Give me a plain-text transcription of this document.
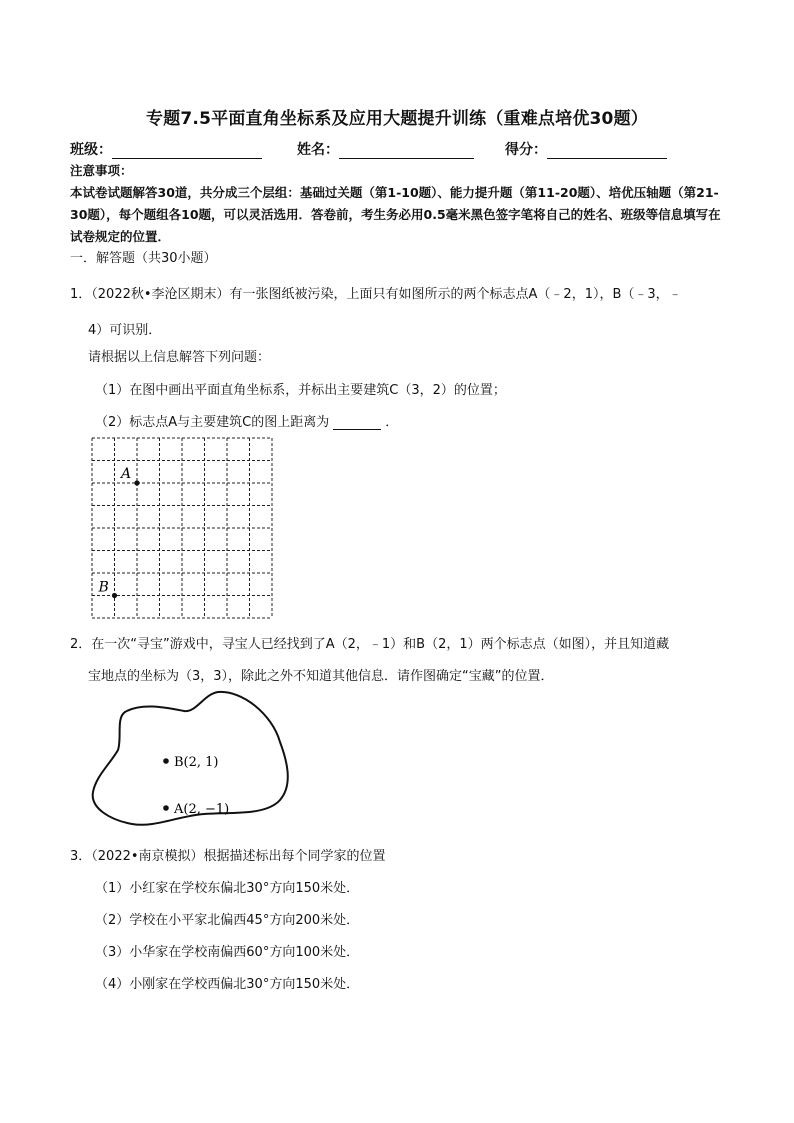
专题7.5平面直角坐标系及应用大题提升训练（重难点培优30题）
班级：	姓名：	得分：
注意事项：
本试卷试题解答30道，共分成三个层组：基础过关题（第1-10题）、能力提升题（第11-20题）、培优压轴题（第21-30题），每个题组各10题，可以灵活选用．答卷前，考生务必用0.5毫米黑色签字笔将自己的姓名、班级等信息填写在试卷规定的位置．
一．解答题（共30小题）
1．（2022秋•李沧区期末）有一张图纸被污染，上面只有如图所示的两个标志点A（﹣2，1），B（﹣3，﹣
4）可识别．
请根据以上信息解答下列问题：
（1）在图中画出平面直角坐标系，并标出主要建筑C（3，2）的位置；
（2）标志点A与主要建筑C的图上距离为	．
A
B
2．在一次“寻宝”游戏中，寻宝人已经找到了A（2，﹣1）和B（2，1）两个标志点（如图），并且知道藏
宝地点的坐标为（3，3），除此之外不知道其他信息．请作图确定“宝藏”的位置．
B(2, 1)
A(2, −1)
3．（2022•南京模拟）根据描述标出每个同学家的位置
（1）小红家在学校东偏北30°方向150米处．
（2）学校在小平家北偏西45°方向200米处．
（3）小华家在学校南偏西60°方向100米处．
（4）小刚家在学校西偏北30°方向150米处．
